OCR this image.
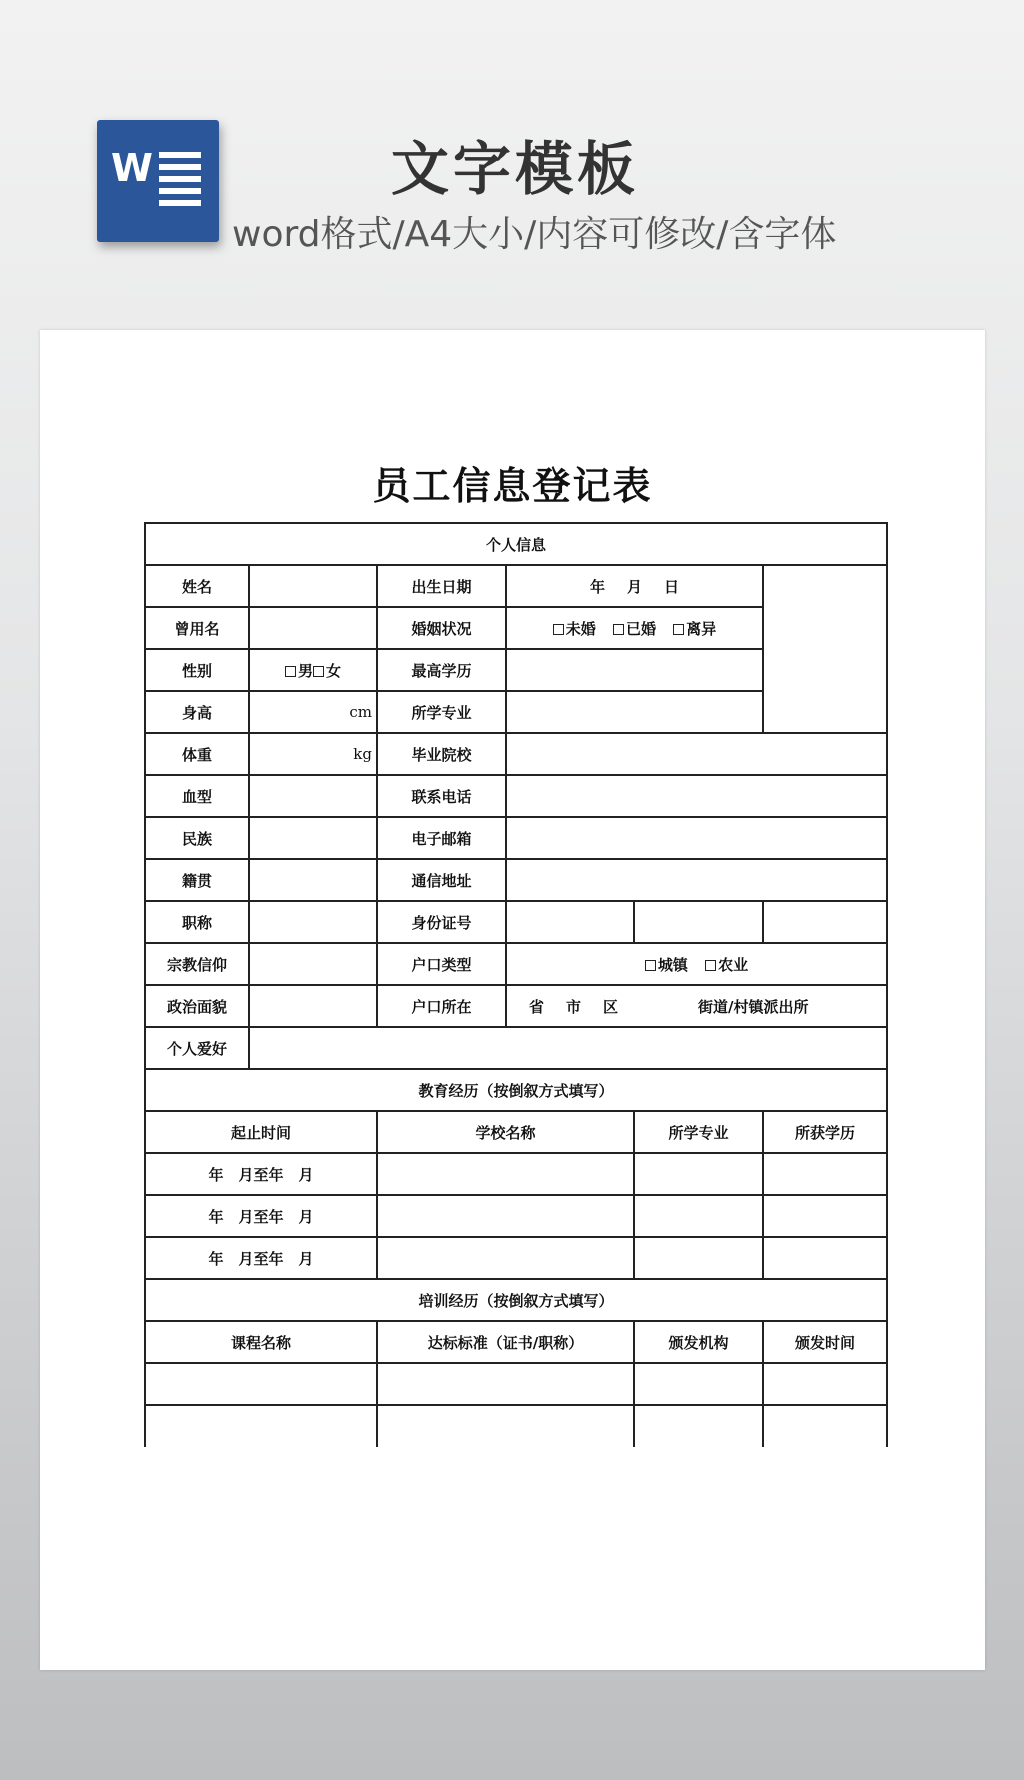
W	文字模板
word格式/A4大小/内容可修改/含字体
员工信息登记表
个人信息					
姓名		出生日期	年 月 日		
曾用名		婚姻状况	未婚 已婚 离异		
性别	男 女	最高学历			
身高	cm	所学专业			
体重	kg	毕业院校			
血型		联系电话			
民族		电子邮箱			
籍贯		通信地址			
职称		身份证号			
宗教信仰		户口类型	城镇 农业		
政治面貌		户口所在	省 市 区 街道/村镇派出所		
个人爱好					
教育经历（按倒叙方式填写）					
起止时间		学校名称		所学专业	所获学历
年　月至年　月					
年　月至年　月					
年　月至年　月					
培训经历（按倒叙方式填写）					
课程名称		达标标准（证书/职称）		颁发机构	颁发时间
